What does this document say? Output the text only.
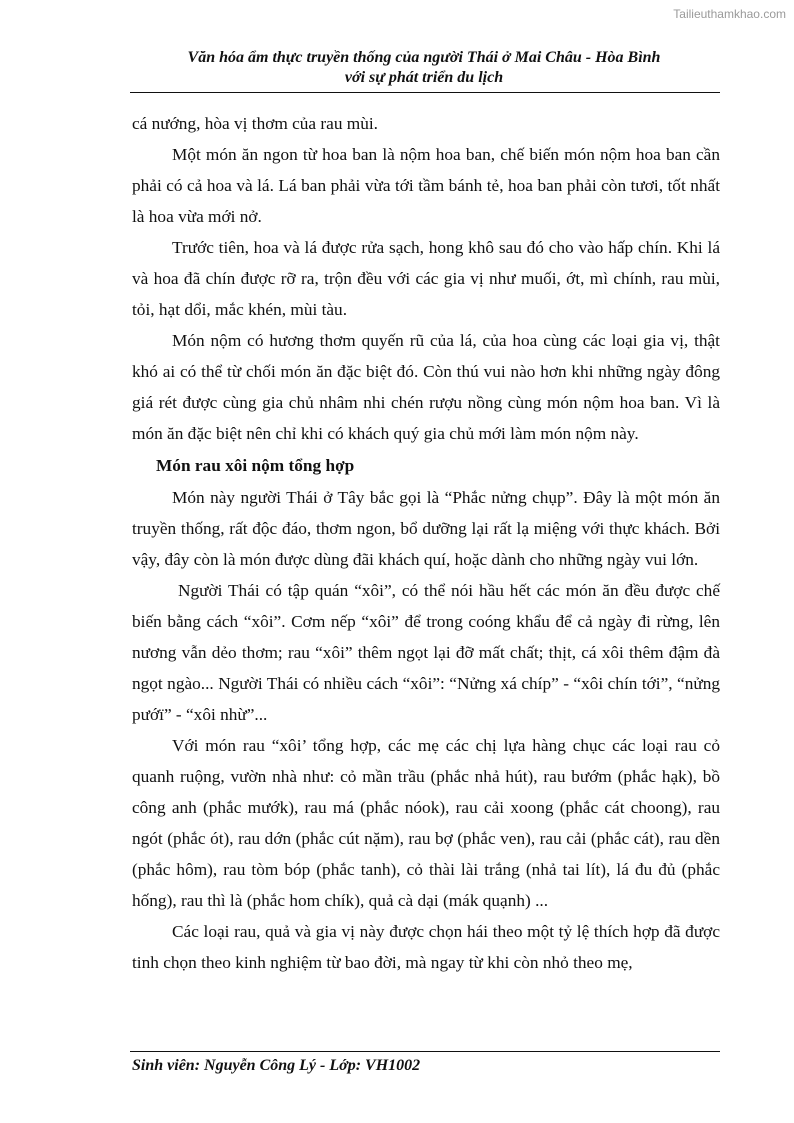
Tailieuthamkhao.com
Văn hóa ẩm thực truyền thống của người Thái ở Mai Châu - Hòa Bình
với sự phát triển du lịch

cá nướng, hòa vị thơm của rau mùi.

Một món ăn ngon từ hoa ban là nộm hoa ban, chế biến món nộm hoa ban cần phải có cả hoa và lá. Lá ban phải vừa tới tầm bánh tẻ, hoa ban phải còn tươi, tốt nhất là hoa vừa mới nở.

Trước tiên, hoa và lá được rửa sạch, hong khô sau đó cho vào hấp chín. Khi lá và hoa đã chín được rỡ ra, trộn đều với các gia vị như muối, ớt, mì chính, rau mùi, tỏi, hạt dổi, mắc khén, mùi tàu.

Món nộm có hương thơm quyến rũ của lá, của hoa cùng các loại gia vị, thật khó ai có thể từ chối món ăn đặc biệt đó. Còn thú vui nào hơn khi những ngày đông giá rét được cùng gia chủ nhâm nhi chén rượu nồng cùng món nộm hoa ban. Vì là món ăn đặc biệt nên chỉ khi có khách quý gia chủ mới làm món nộm này.

Món rau xôi nộm tổng hợp

Món này người Thái ở Tây bắc gọi là “Phắc nửng chụp”. Đây là một món ăn truyền thống, rất độc đáo, thơm ngon, bổ dưỡng lại rất lạ miệng với thực khách. Bởi vậy, đây còn là món được dùng đãi khách quí, hoặc dành cho những ngày vui lớn.

Người Thái có tập quán “xôi”, có thể nói hầu hết các món ăn đều được chế biến bằng cách “xôi”. Cơm nếp “xôi” để trong coóng khẩu để cả ngày đi rừng, lên nương vẫn dẻo thơm; rau “xôi” thêm ngọt lại đỡ mất chất; thịt, cá xôi thêm đậm đà ngọt ngào... Người Thái có nhiều cách “xôi”: “Nửng xá chíp” - “xôi chín tới”, “nửng pướï” - “xôi nhừ”...

Với món rau “xôi’ tổng hợp, các mẹ các chị lựa hàng chục các loại rau cỏ quanh ruộng, vườn nhà như: cỏ mần trầu (phắc nhả hút), rau bướm (phắc hạk), bồ công anh (phắc mướk), rau má (phắc nóok), rau cải xoong (phắc cát choong), rau ngót (phắc ót), rau dớn (phắc cút nặm), rau bợ (phắc ven), rau cải (phắc cát), rau dền (phắc hôm), rau tòm bóp (phắc tanh), cỏ thài lài trắng (nhả tai lít), lá đu đủ (phắc hống), rau thì là (phắc hom chík), quả cà dại (mák quạnh) ...

Các loại rau, quả và gia vị này được chọn hái theo một tỷ lệ thích hợp đã được tinh chọn theo kinh nghiệm từ bao đời, mà ngay từ khi còn nhỏ theo mẹ,

Sinh viên: Nguyễn Công Lý - Lớp: VH1002
